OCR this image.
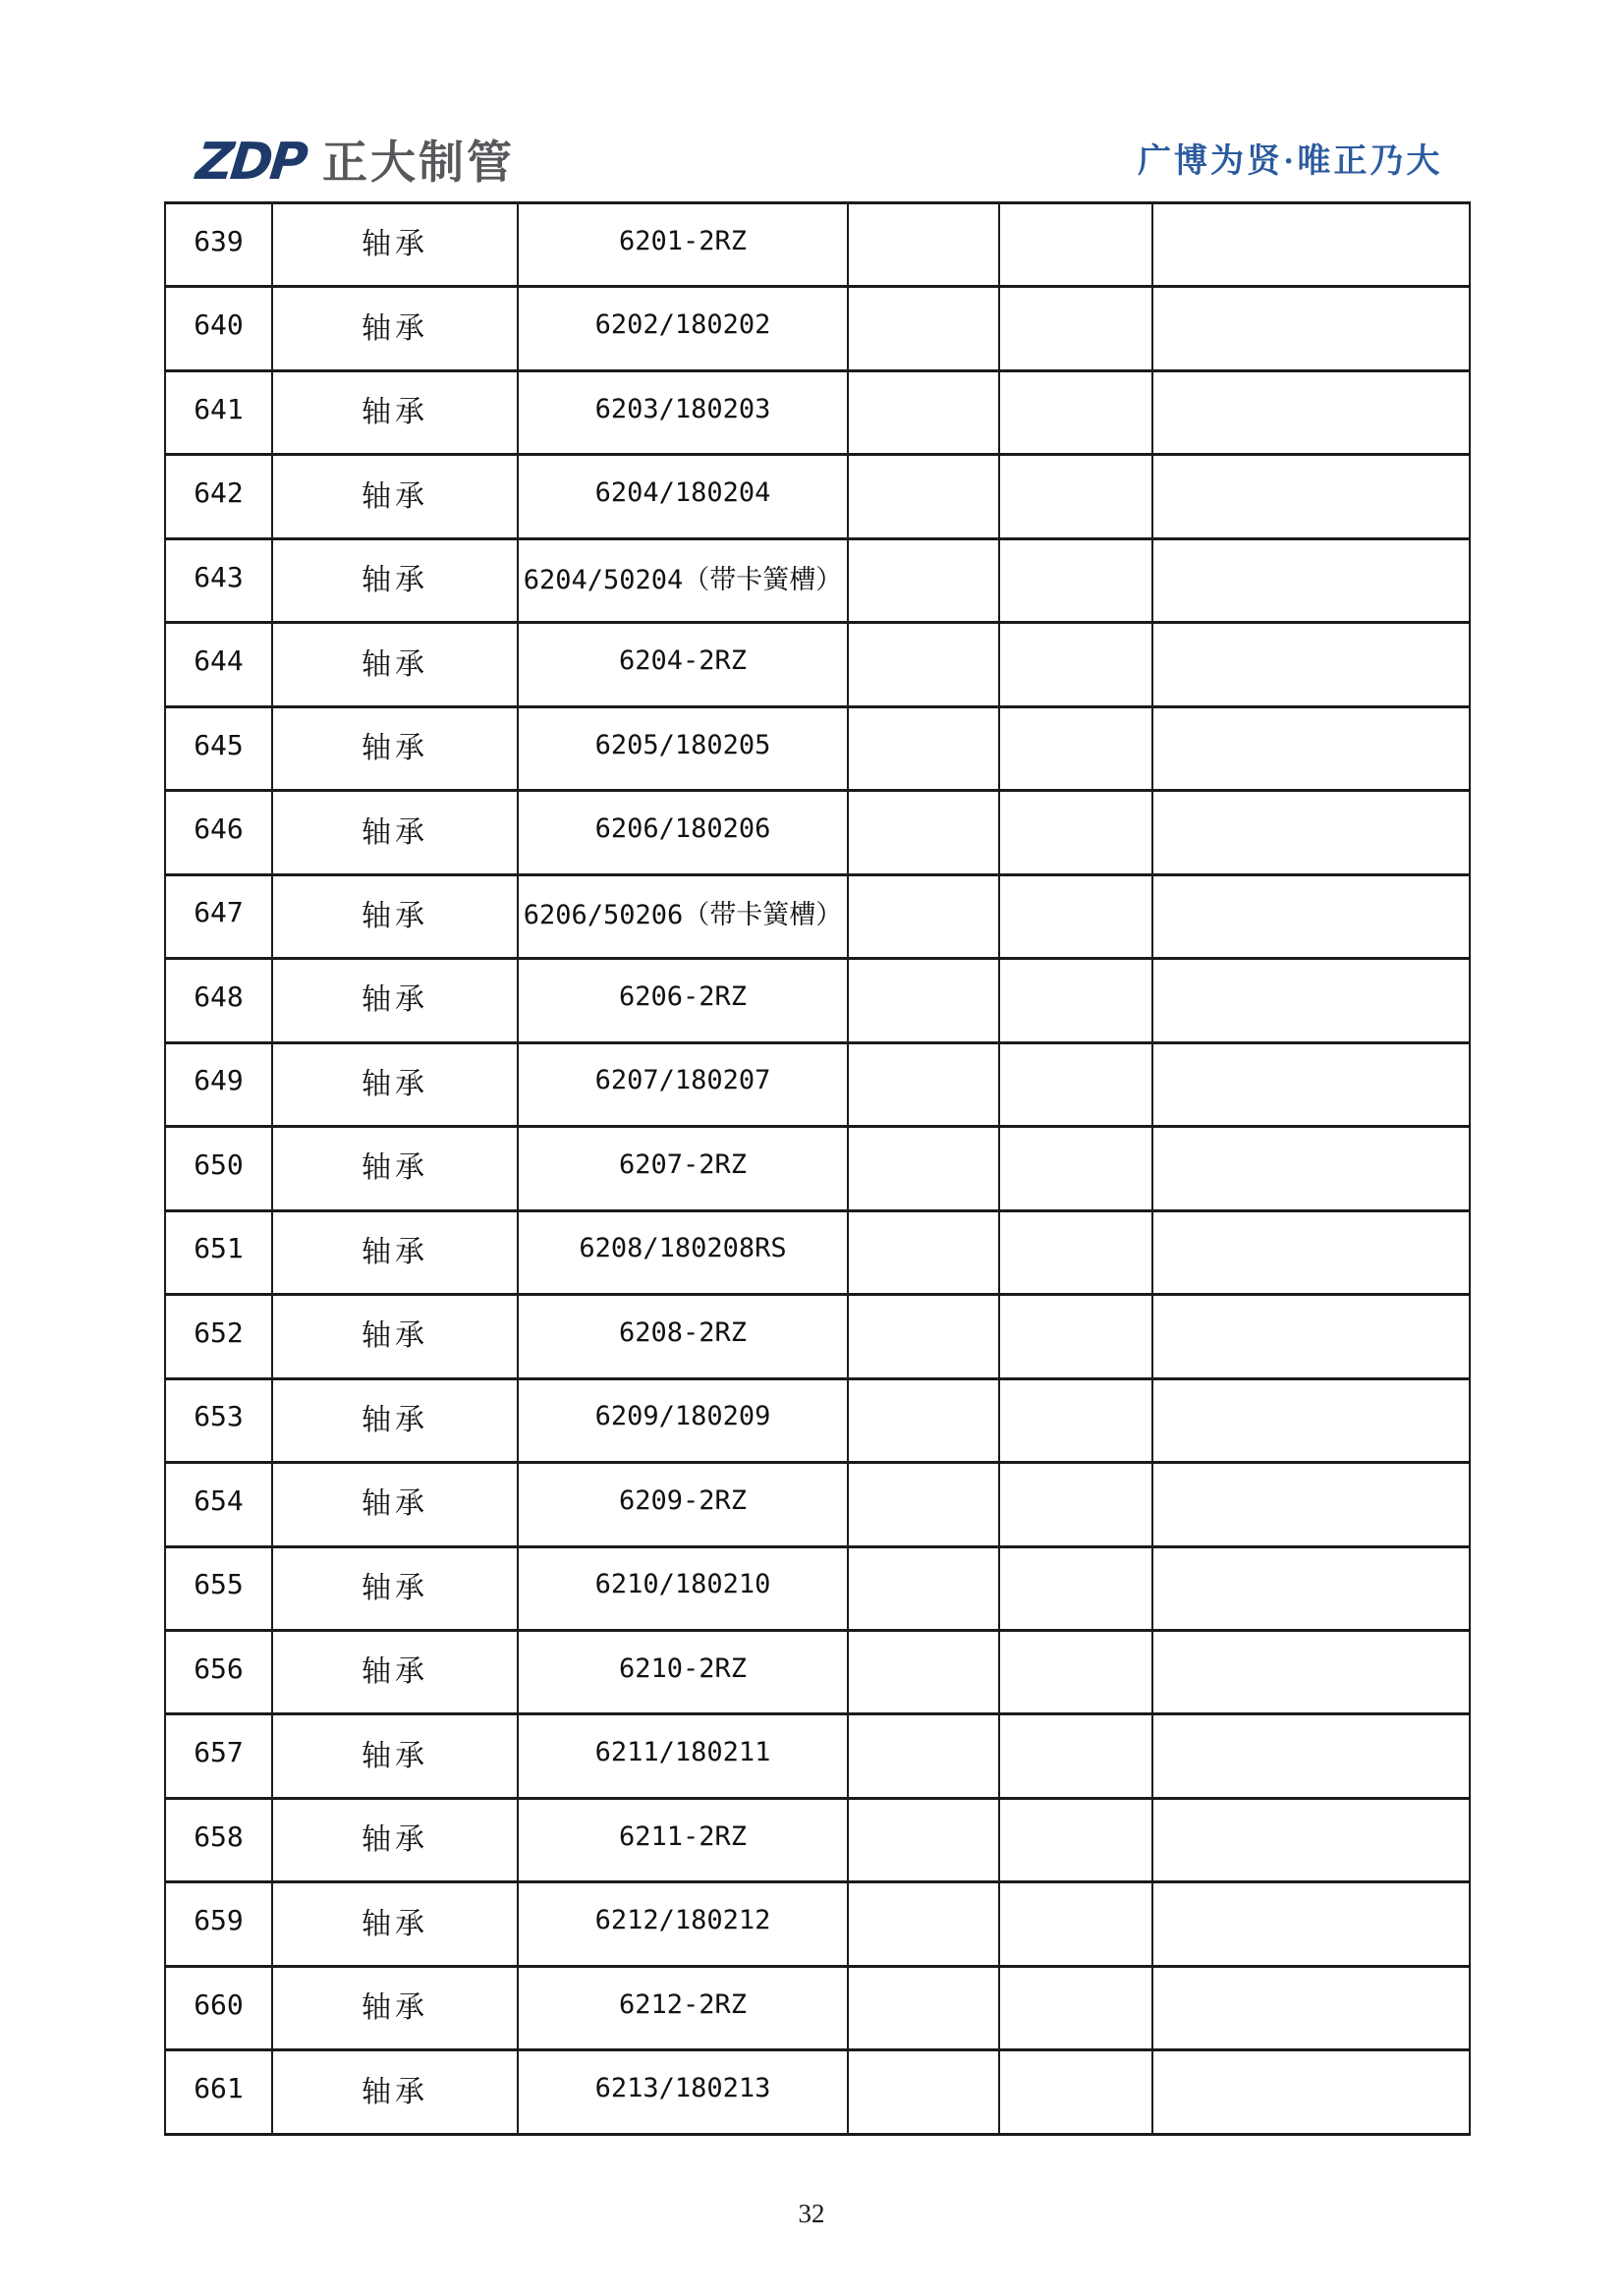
ZDP 正大制管	广博为贤·唯正乃大
639	轴承	6201-2RZ			
640	轴承	6202/180202			
641	轴承	6203/180203			
642	轴承	6204/180204			
643	轴承	6204/50204（带卡簧槽）			
644	轴承	6204-2RZ			
645	轴承	6205/180205			
646	轴承	6206/180206			
647	轴承	6206/50206（带卡簧槽）			
648	轴承	6206-2RZ			
649	轴承	6207/180207			
650	轴承	6207-2RZ			
651	轴承	6208/180208RS			
652	轴承	6208-2RZ			
653	轴承	6209/180209			
654	轴承	6209-2RZ			
655	轴承	6210/180210			
656	轴承	6210-2RZ			
657	轴承	6211/180211			
658	轴承	6211-2RZ			
659	轴承	6212/180212			
660	轴承	6212-2RZ			
661	轴承	6213/180213			
32
